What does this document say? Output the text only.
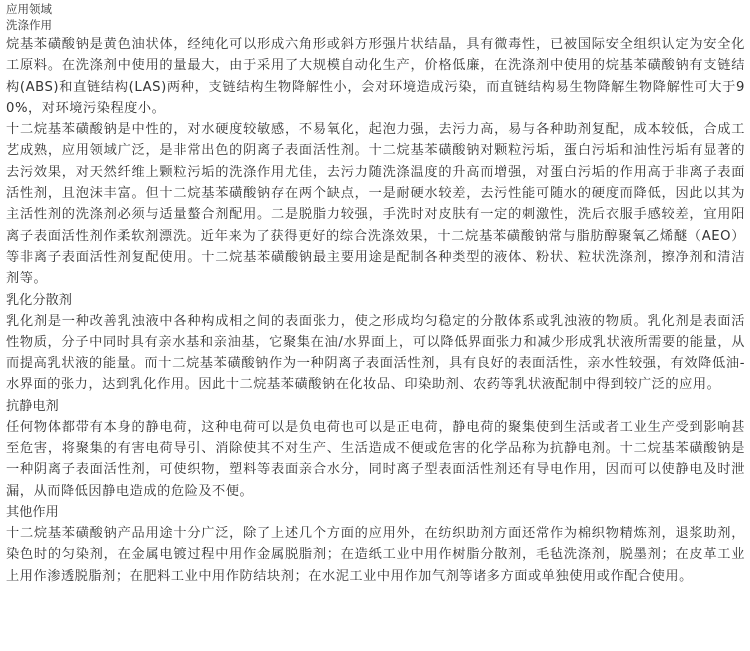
应用领域
洗涤作用

烷基苯磺酸钠是黄色油状体，经纯化可以形成六角形或斜方形强片状结晶，具有微毒性，已被国际安全组织认定为安全化工原料。在洗涤剂中使用的量最大，由于采用了大规模自动化生产，价格低廉，在洗涤剂中使用的烷基苯磺酸钠有支链结构(ABS)和直链结构(LAS)两种，支链结构生物降解性小，会对环境造成污染，而直链结构易生物降解生物降解性可大于90%，对环境污染程度小。

十二烷基苯磺酸钠是中性的，对水硬度较敏感，不易氧化，起泡力强，去污力高，易与各种助剂复配，成本较低，合成工艺成熟，应用领域广泛，是非常出色的阴离子表面活性剂。十二烷基苯磺酸钠对颗粒污垢，蛋白污垢和油性污垢有显著的去污效果，对天然纤维上颗粒污垢的洗涤作用尤佳，去污力随洗涤温度的升高而增强，对蛋白污垢的作用高于非离子表面活性剂，且泡沫丰富。但十二烷基苯磺酸钠存在两个缺点，一是耐硬水较差，去污性能可随水的硬度而降低，因此以其为主活性剂的洗涤剂必须与适量螯合剂配用。二是脱脂力较强，手洗时对皮肤有一定的刺激性，洗后衣服手感较差，宜用阳离子表面活性剂作柔软剂漂洗。近年来为了获得更好的综合洗涤效果，十二烷基苯磺酸钠常与脂肪醇聚氧乙烯醚（AEO）等非离子表面活性剂复配使用。十二烷基苯磺酸钠最主要用途是配制各种类型的液体、粉状、粒状洗涤剂，擦净剂和清洁剂等。

乳化分散剂

乳化剂是一种改善乳浊液中各种构成相之间的表面张力，使之形成均匀稳定的分散体系或乳浊液的物质。乳化剂是表面活性物质，分子中同时具有亲水基和亲油基，它聚集在油/水界面上，可以降低界面张力和减少形成乳状液所需要的能量，从而提高乳状液的能量。而十二烷基苯磺酸钠作为一种阴离子表面活性剂，具有良好的表面活性，亲水性较强，有效降低油-水界面的张力，达到乳化作用。因此十二烷基苯磺酸钠在化妆品、印染助剂、农药等乳状液配制中得到较广泛的应用。

抗静电剂

任何物体都带有本身的静电荷，这种电荷可以是负电荷也可以是正电荷，静电荷的聚集使到生活或者工业生产受到影响甚至危害，将聚集的有害电荷导引、消除使其不对生产、生活造成不便或危害的化学品称为抗静电剂。十二烷基苯磺酸钠是一种阴离子表面活性剂，可使织物，塑料等表面亲合水分，同时离子型表面活性剂还有导电作用，因而可以使静电及时泄漏，从而降低因静电造成的危险及不便。

其他作用

十二烷基苯磺酸钠产品用途十分广泛，除了上述几个方面的应用外，在纺织助剂方面还常作为棉织物精炼剂，退浆助剂，染色时的匀染剂，在金属电镀过程中用作金属脱脂剂；在造纸工业中用作树脂分散剂，毛毡洗涤剂，脱墨剂；在皮革工业上用作渗透脱脂剂；在肥料工业中用作防结块剂；在水泥工业中用作加气剂等诸多方面或单独使用或作配合使用。
